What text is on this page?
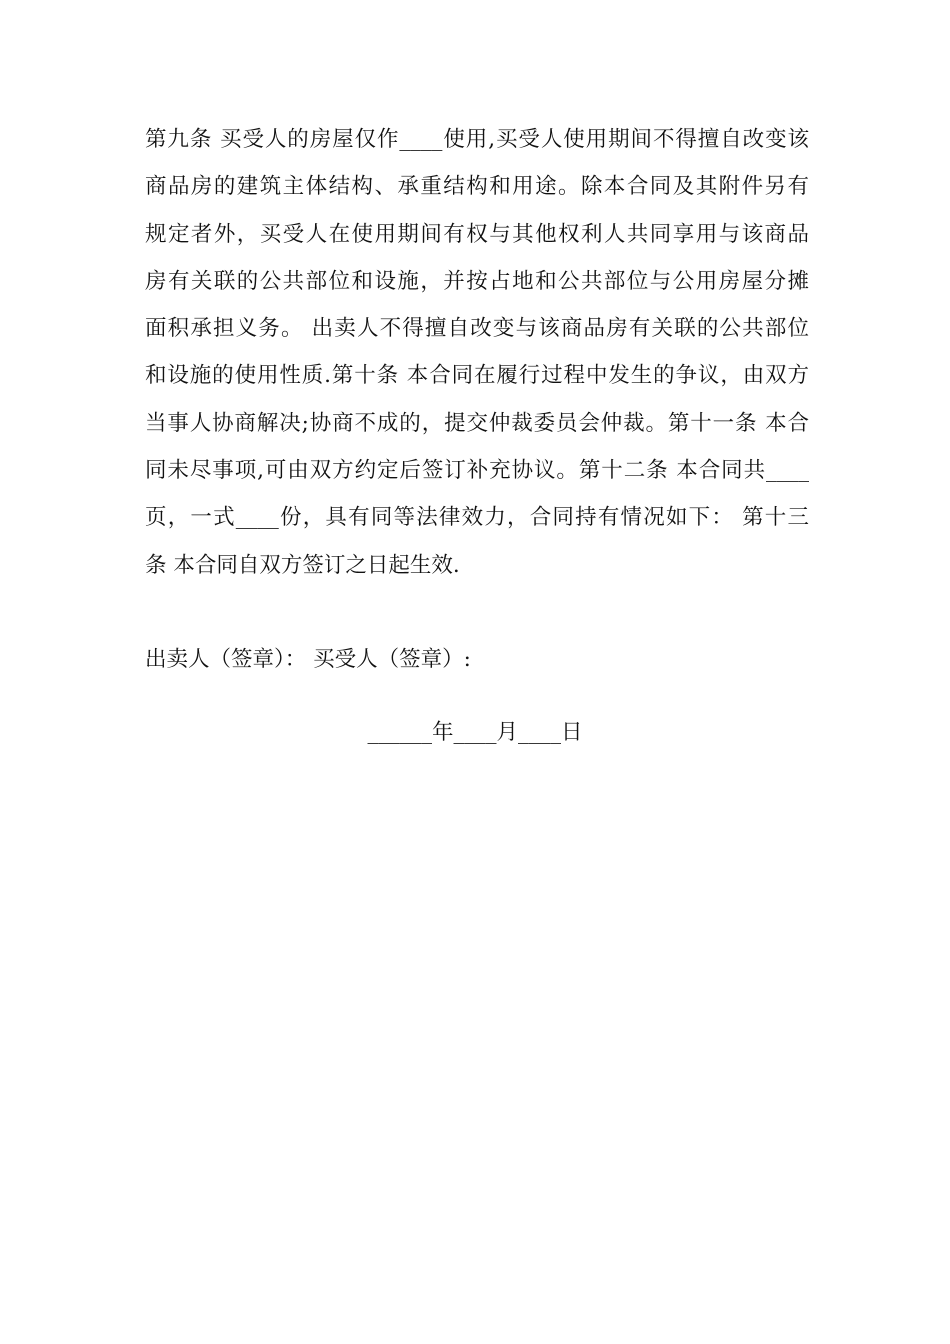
第九条 买受人的房屋仅作____使用,买受人使用期间不得擅自改变该
商品房的建筑主体结构、承重结构和用途。除本合同及其附件另有
规定者外，买受人在使用期间有权与其他权利人共同享用与该商品
房有关联的公共部位和设施，并按占地和公共部位与公用房屋分摊
面积承担义务。 出卖人不得擅自改变与该商品房有关联的公共部位
和设施的使用性质.第十条 本合同在履行过程中发生的争议，由双方
当事人协商解决;协商不成的，提交仲裁委员会仲裁。第十一条 本合
同未尽事项,可由双方约定后签订补充协议。第十二条 本合同共____
页，一式____份，具有同等法律效力，合同持有情况如下： 第十三
条 本合同自双方签订之日起生效.

出卖人（签章）： 买受人（签章）:

______年____月____日
